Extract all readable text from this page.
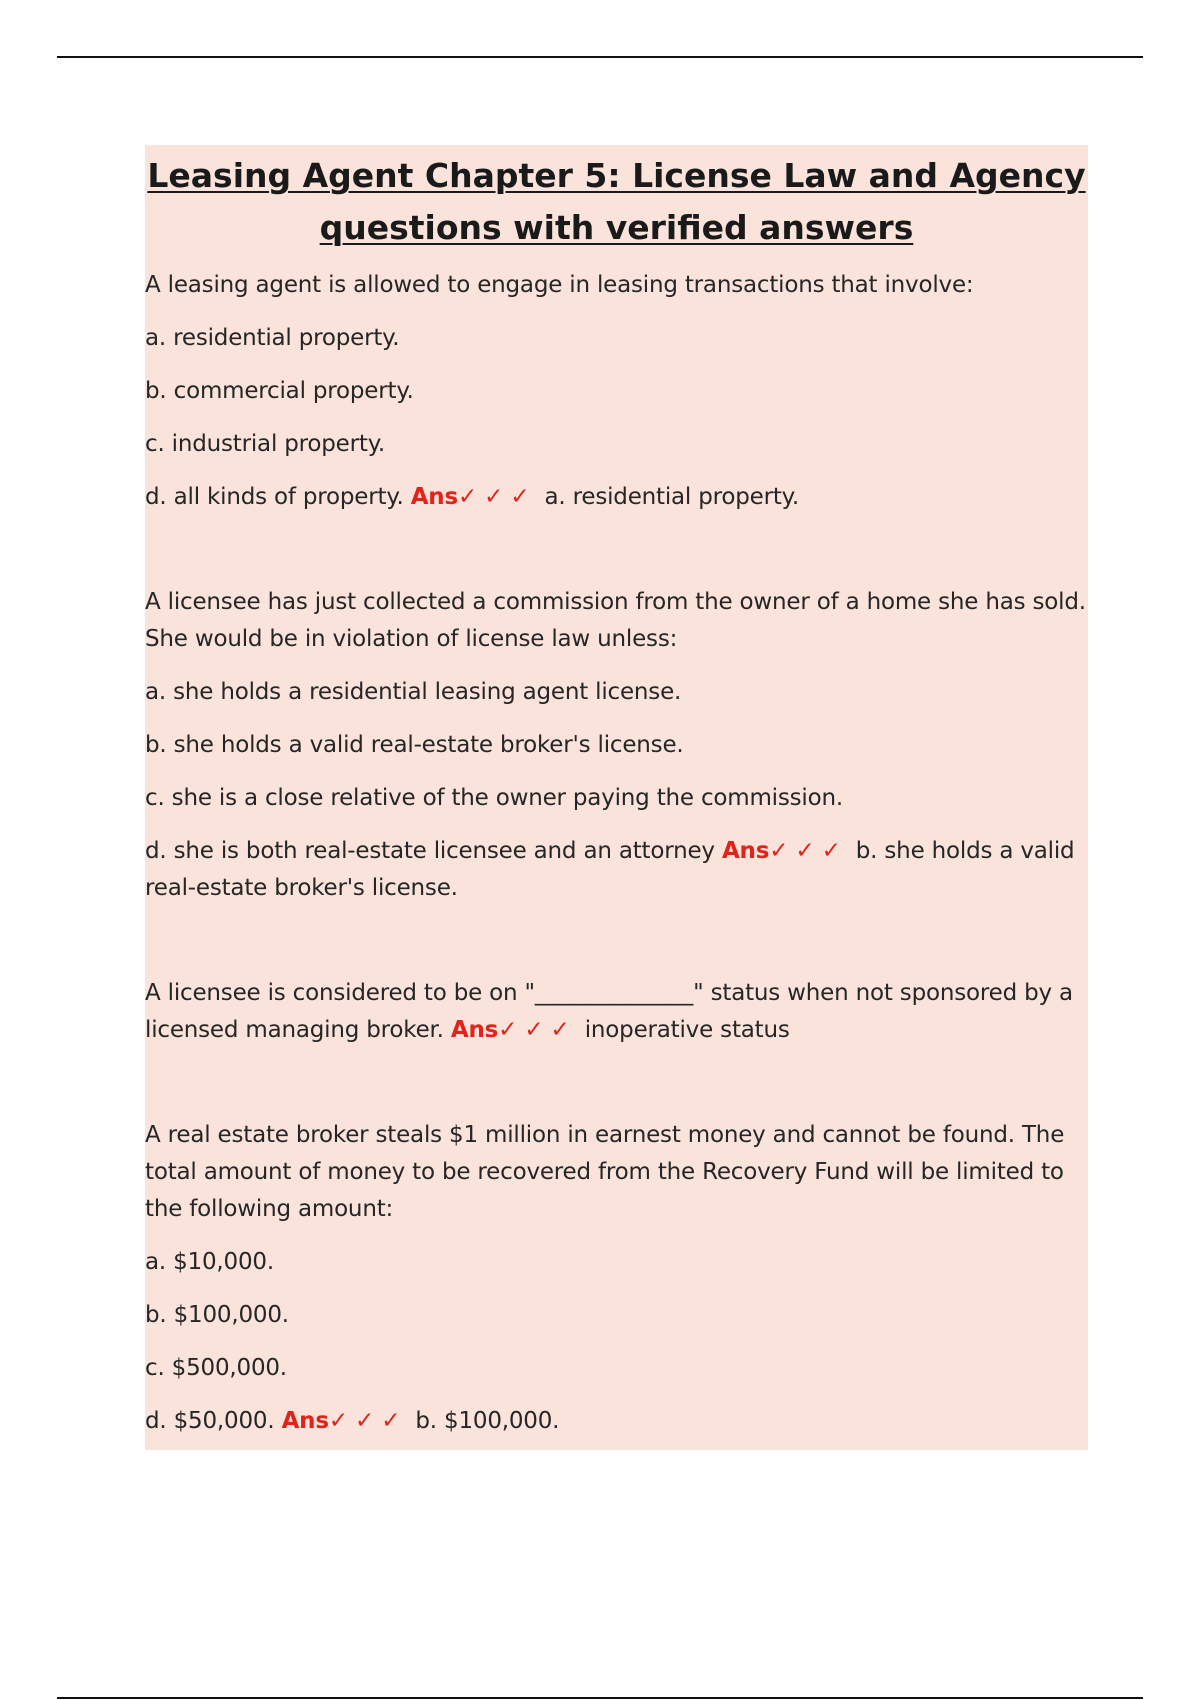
Leasing Agent Chapter 5: License Law and Agency
questions with verified answers

A leasing agent is allowed to engage in leasing transactions that involve:

a. residential property.

b. commercial property.

c. industrial property.

d. all kinds of property. Ans✓ ✓ ✓ a. residential property.

A licensee has just collected a commission from the owner of a home she has sold. She would be in violation of license law unless:

a. she holds a residential leasing agent license.

b. she holds a valid real-estate broker's license.

c. she is a close relative of the owner paying the commission.

d. she is both real-estate licensee and an attorney Ans✓ ✓ ✓ b. she holds a valid real-estate broker's license.

A licensee is considered to be on "______________" status when not sponsored by a licensed managing broker. Ans✓ ✓ ✓ inoperative status

A real estate broker steals $1 million in earnest money and cannot be found. The total amount of money to be recovered from the Recovery Fund will be limited to the following amount:

a. $10,000.

b. $100,000.

c. $500,000.

d. $50,000. Ans✓ ✓ ✓ b. $100,000.
